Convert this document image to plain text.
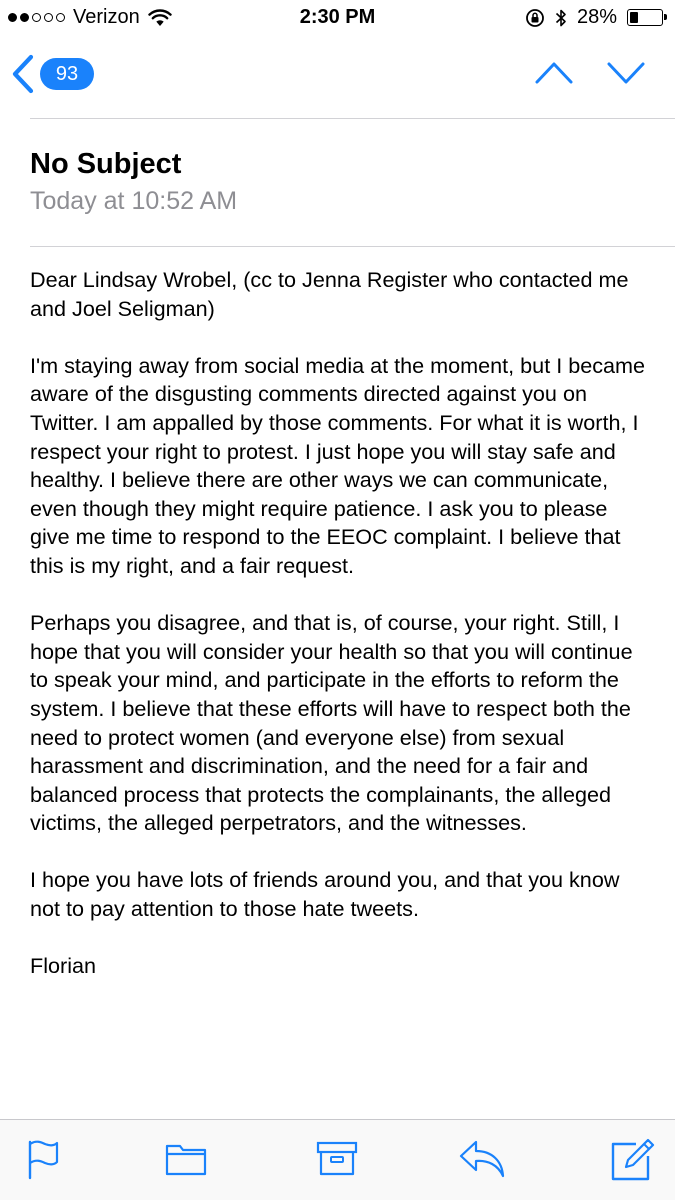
Verizon	2:30 PM	28%
93
No Subject
Today at 10:52 AM

Dear Lindsay Wrobel, (cc to Jenna Register who contacted me and Joel Seligman)

I'm staying away from social media at the moment, but I became aware of the disgusting comments directed against you on Twitter. I am appalled by those comments. For what it is worth, I respect your right to protest. I just hope you will stay safe and healthy. I believe there are other ways we can communicate, even though they might require patience. I ask you to please give me time to respond to the EEOC complaint. I believe that this is my right, and a fair request.

Perhaps you disagree, and that is, of course, your right. Still, I hope that you will consider your health so that you will continue to speak your mind, and participate in the efforts to reform the system. I believe that these efforts will have to respect both the need to protect women (and everyone else) from sexual harassment and discrimination, and the need for a fair and balanced process that protects the complainants, the alleged victims, the alleged perpetrators, and the witnesses.

I hope you have lots of friends around you, and that you know not to pay attention to those hate tweets.

Florian
